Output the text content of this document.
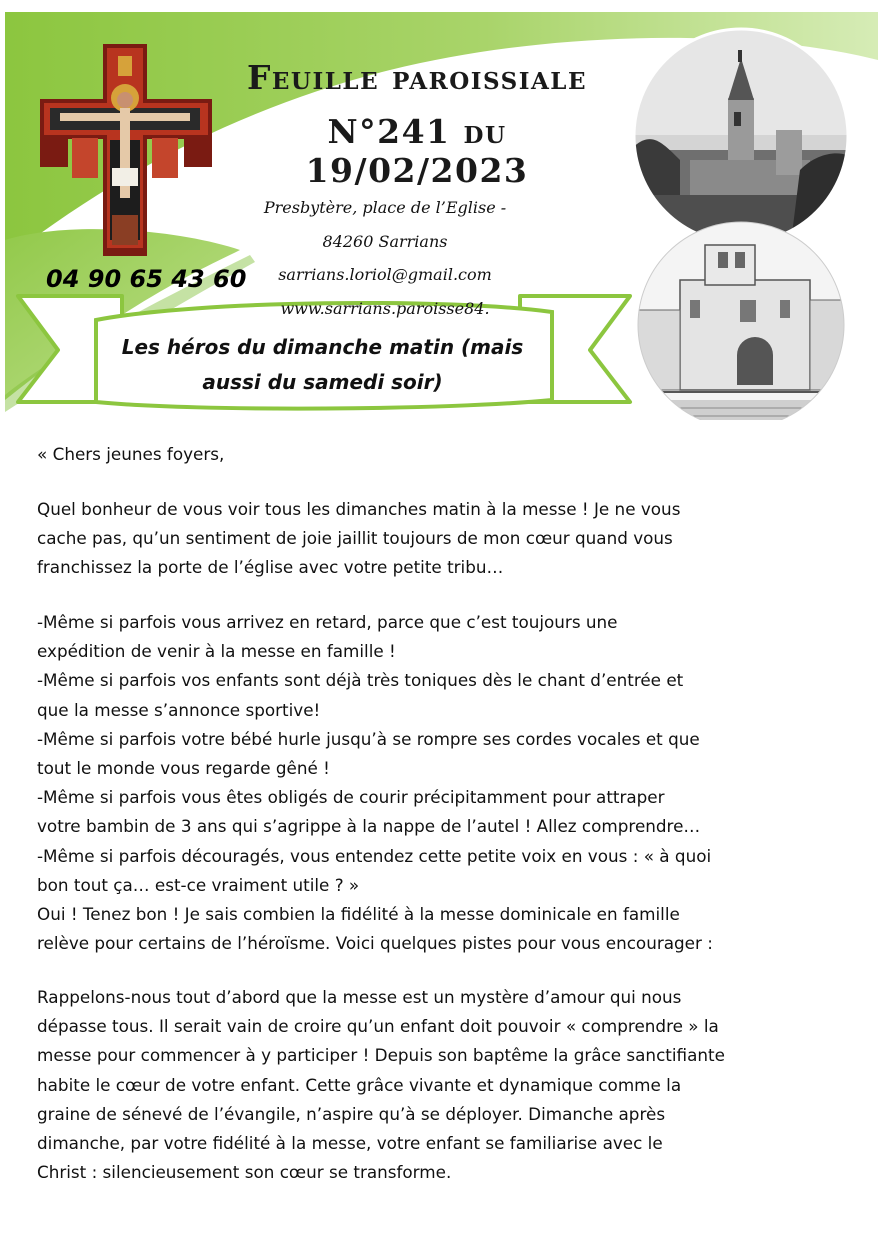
Feuille paroissiale
N°241 du 19/02/2023
Presbytère, place de l’Eglise -
84260 Sarrians
sarrians.loriol@gmail.com
www.sarrians.paroisse84.
04 90 65 43 60
Les héros du dimanche matin (mais aussi du samedi soir)
« Chers jeunes foyers,

Quel bonheur de vous voir tous les dimanches matin à la messe ! Je ne vous

cache pas, qu’un sentiment de joie jaillit toujours de mon cœur quand vous

franchissez la porte de l’église avec votre petite tribu…

-Même si parfois vous arrivez en retard, parce que c’est toujours une

expédition de venir à la messe en famille !

-Même si parfois vos enfants sont déjà très toniques dès le chant d’entrée et

que la messe s’annonce sportive!

-Même si parfois votre bébé hurle jusqu’à se rompre ses cordes vocales et que

tout le monde vous regarde gêné !

-Même si parfois vous êtes obligés de courir précipitamment pour attraper

votre bambin de 3 ans qui s’agrippe à la nappe de l’autel ! Allez comprendre…

-Même si parfois découragés, vous entendez cette petite voix en vous : « à quoi

bon tout ça… est-ce vraiment utile ? »

Oui ! Tenez bon ! Je sais combien la fidélité à la messe dominicale en famille

relève pour certains de l’héroïsme. Voici quelques pistes pour vous encourager :

Rappelons-nous tout d’abord que la messe est un mystère d’amour qui nous

dépasse tous. Il serait vain de croire qu’un enfant doit pouvoir « comprendre » la

messe pour commencer à y participer ! Depuis son baptême la grâce sanctifiante

habite le cœur de votre enfant. Cette grâce vivante et dynamique comme la

graine de sénevé de l’évangile, n’aspire qu’à se déployer. Dimanche après

dimanche, par votre fidélité à la messe, votre enfant se familiarise avec le

Christ : silencieusement son cœur se transforme.
